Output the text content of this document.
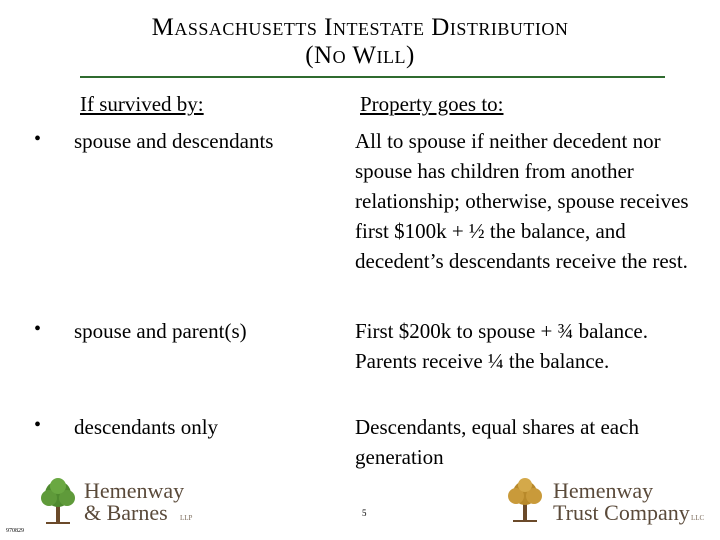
Massachusetts Intestate Distribution
(No Will)
If survived by:	Property goes to:
• spouse and descendants	All to spouse if neither decedent nor spouse has children from another relationship; otherwise, spouse receives first $100k + ½ the balance, and decedent’s descendants receive the rest.
• spouse and parent(s)	First $200k to spouse + ¾ balance. Parents receive ¼ the balance.
• descendants only	Descendants, equal shares at each generation
Hemenway
& Barnes LLP	5
Hemenway
Trust Company LLC
970829
